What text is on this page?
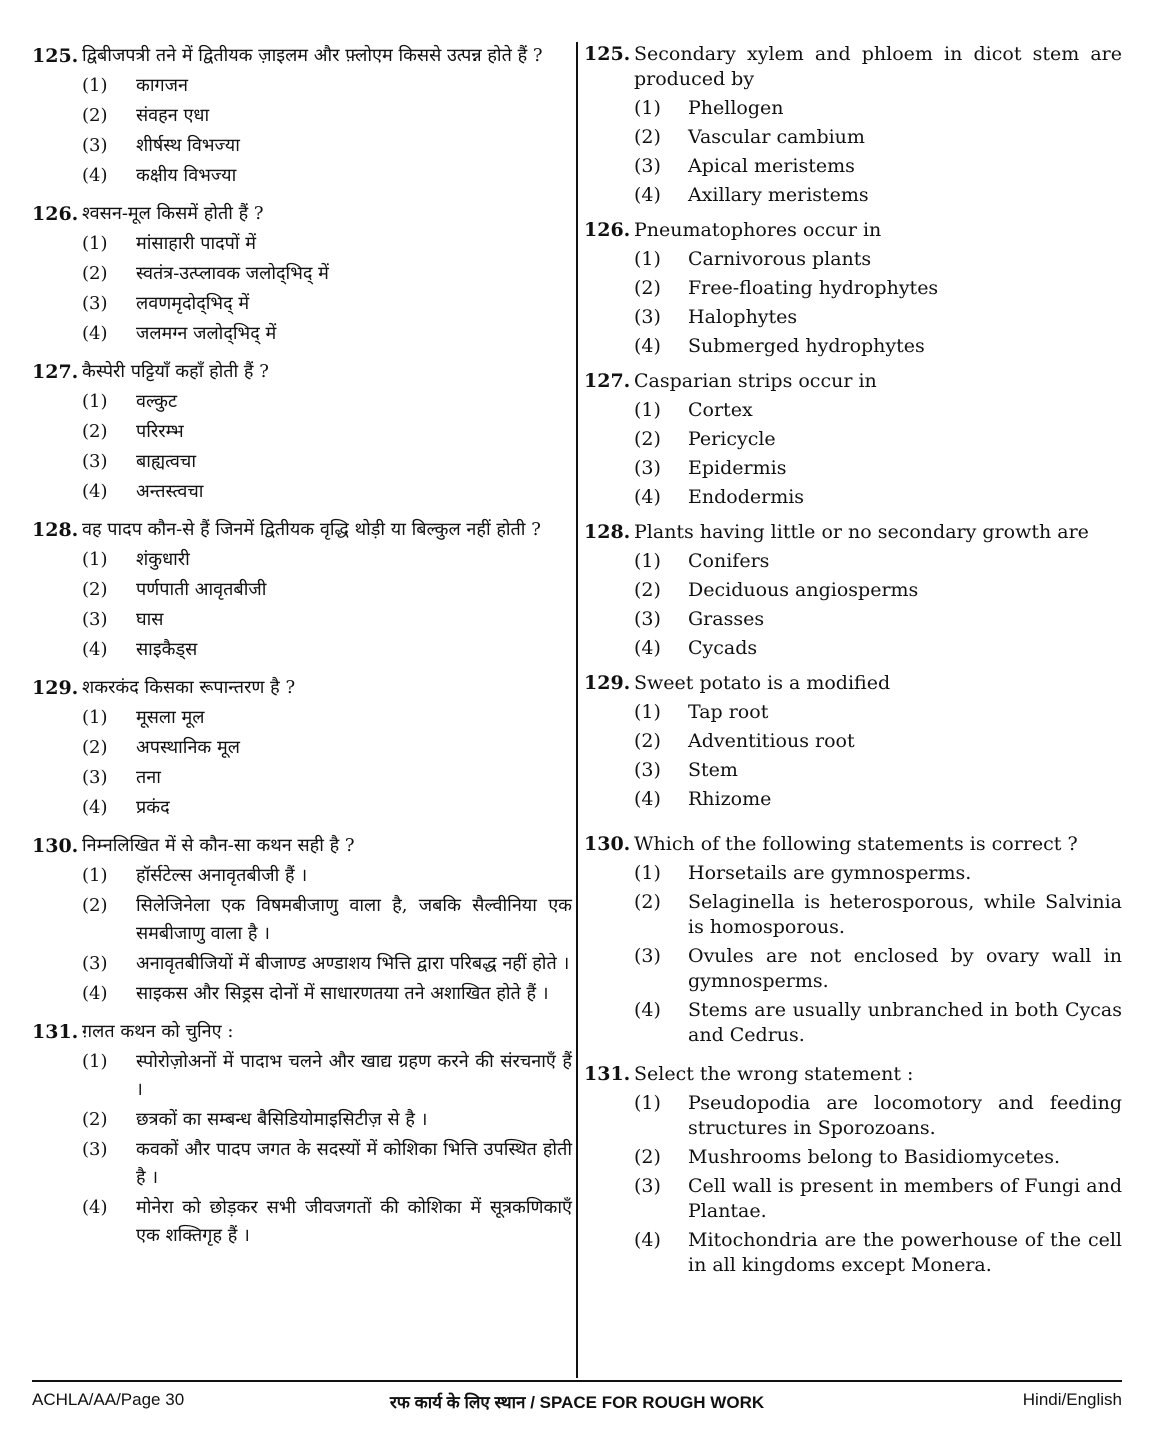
125. द्विबीजपत्री तने में द्वितीयक ज़ाइलम और फ़्लोएम किससे उत्पन्न होते हैं ?
(1) कागजन
(2) संवहन एधा
(3) शीर्षस्थ विभज्या
(4) कक्षीय विभज्या
126. श्वसन-मूल किसमें होती हैं ?
(1) मांसाहारी पादपों में
(2) स्वतंत्र-उत्प्लावक जलोद्‌भिद् में
(3) लवणमृदोद्‌भिद् में
(4) जलमग्न जलोद्‌भिद् में
127. कैस्पेरी पट्टियाँ कहाँ होती हैं ?
(1) वल्कुट
(2) परिरम्भ
(3) बाह्यत्वचा
(4) अन्तस्त्वचा
128. वह पादप कौन-से हैं जिनमें द्वितीयक वृद्धि थोड़ी या बिल्कुल नहीं होती ?
(1) शंकुधारी
(2) पर्णपाती आवृतबीजी
(3) घास
(4) साइकैड्स
129. शकरकंद किसका रूपान्तरण है ?
(1) मूसला मूल
(2) अपस्थानिक मूल
(3) तना
(4) प्रकंद
130. निम्नलिखित में से कौन-सा कथन सही है ?
(1) हॉर्सटेल्स अनावृतबीजी हैं ।
(2) सिलेजिनेला एक विषमबीजाणु वाला है, जबकि सैल्वीनिया एक समबीजाणु वाला है ।
(3) अनावृतबीजियों में बीजाण्ड अण्डाशय भित्ति द्वारा परिबद्ध नहीं होते ।
(4) साइकस और सिड्रस दोनों में साधारणतया तने अशाखित होते हैं ।
131. ग़लत कथन को चुनिए :
(1) स्पोरोज़ोअनों में पादाभ चलने और खाद्य ग्रहण करने की संरचनाएँ हैं ।
(2) छत्रकों का सम्बन्ध बैसिडियोमाइसिटीज़ से है ।
(3) कवकों और पादप जगत के सदस्यों में कोशिका भित्ति उपस्थित होती है ।
(4) मोनेरा को छोड़कर सभी जीवजगतों की कोशिका में सूत्रकणिकाएँ एक शक्तिगृह हैं ।
125. Secondary xylem and phloem in dicot stem are produced by
(1) Phellogen
(2) Vascular cambium
(3) Apical meristems
(4) Axillary meristems
126. Pneumatophores occur in
(1) Carnivorous plants
(2) Free-floating hydrophytes
(3) Halophytes
(4) Submerged hydrophytes
127. Casparian strips occur in
(1) Cortex
(2) Pericycle
(3) Epidermis
(4) Endodermis
128. Plants having little or no secondary growth are
(1) Conifers
(2) Deciduous angiosperms
(3) Grasses
(4) Cycads
129. Sweet potato is a modified
(1) Tap root
(2) Adventitious root
(3) Stem
(4) Rhizome
130. Which of the following statements is correct ?
(1) Horsetails are gymnosperms.
(2) Selaginella is heterosporous, while Salvinia is homosporous.
(3) Ovules are not enclosed by ovary wall in gymnosperms.
(4) Stems are usually unbranched in both Cycas and Cedrus.
131. Select the wrong statement :
(1) Pseudopodia are locomotory and feeding structures in Sporozoans.
(2) Mushrooms belong to Basidiomycetes.
(3) Cell wall is present in members of Fungi and Plantae.
(4) Mitochondria are the powerhouse of the cell in all kingdoms except Monera.
ACHLA/AA/Page 30	रफ कार्य के लिए स्थान / SPACE FOR ROUGH WORK	Hindi/English
